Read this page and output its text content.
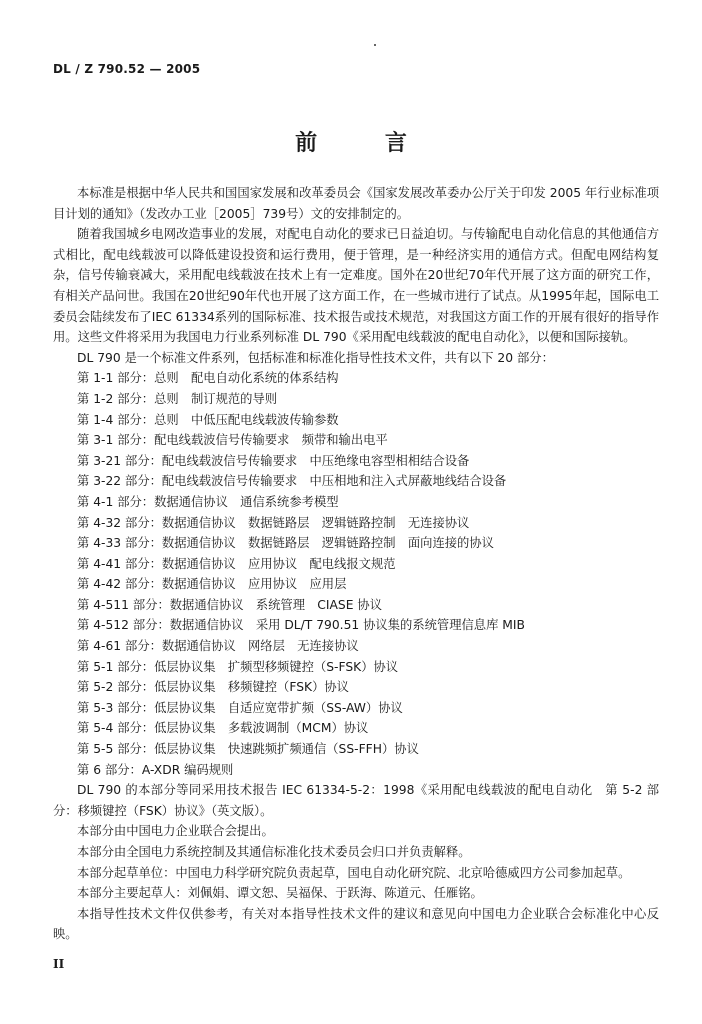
DL / Z 790.52 — 2005
前 言

本标准是根据中华人民共和国国家发展和改革委员会《国家发展改革委办公厅关于印发 2005 年行业标准项目计划的通知》（发改办工业［2005］739号）文的安排制定的。

随着我国城乡电网改造事业的发展，对配电自动化的要求已日益迫切。与传输配电自动化信息的其他通信方式相比，配电线载波可以降低建设投资和运行费用，便于管理，是一种经济实用的通信方式。但配电网结构复杂，信号传输衰减大，采用配电线载波在技术上有一定难度。国外在20世纪70年代开展了这方面的研究工作，有相关产品问世。我国在20世纪90年代也开展了这方面工作，在一些城市进行了试点。从1995年起，国际电工委员会陆续发布了IEC 61334系列的国际标准、技术报告或技术规范，对我国这方面工作的开展有很好的指导作用。这些文件将采用为我国电力行业系列标准 DL 790《采用配电线载波的配电自动化》，以便和国际接轨。

DL 790 是一个标准文件系列，包括标准和标准化指导性技术文件，共有以下 20 部分：

第 1-1 部分：总则　配电自动化系统的体系结构

第 1-2 部分：总则　制订规范的导则

第 1-4 部分：总则　中低压配电线载波传输参数

第 3-1 部分：配电线载波信号传输要求　频带和输出电平

第 3-21 部分：配电线载波信号传输要求　中压绝缘电容型相相结合设备

第 3-22 部分：配电线载波信号传输要求　中压相地和注入式屏蔽地线结合设备

第 4-1 部分：数据通信协议　通信系统参考模型

第 4-32 部分：数据通信协议　数据链路层　逻辑链路控制　无连接协议

第 4-33 部分：数据通信协议　数据链路层　逻辑链路控制　面向连接的协议

第 4-41 部分：数据通信协议　应用协议　配电线报文规范

第 4-42 部分：数据通信协议　应用协议　应用层

第 4-511 部分：数据通信协议　系统管理　CIASE 协议

第 4-512 部分：数据通信协议　采用 DL/T 790.51 协议集的系统管理信息库 MIB

第 4-61 部分：数据通信协议　网络层　无连接协议

第 5-1 部分：低层协议集　扩频型移频键控（S-FSK）协议

第 5-2 部分：低层协议集　移频键控（FSK）协议

第 5-3 部分：低层协议集　自适应宽带扩频（SS-AW）协议

第 5-4 部分：低层协议集　多载波调制（MCM）协议

第 5-5 部分：低层协议集　快速跳频扩频通信（SS-FFH）协议

第 6 部分：A-XDR 编码规则

DL 790 的本部分等同采用技术报告 IEC 61334-5-2：1998《采用配电线载波的配电自动化　第 5-2 部分：移频键控（FSK）协议》（英文版）。

本部分由中国电力企业联合会提出。

本部分由全国电力系统控制及其通信标准化技术委员会归口并负责解释。

本部分起草单位：中国电力科学研究院负责起草，国电自动化研究院、北京哈德威四方公司参加起草。

本部分主要起草人：刘佩娟、谭文恕、吴福保、于跃海、陈道元、任雁铭。

本指导性技术文件仅供参考，有关对本指导性技术文件的建议和意见向中国电力企业联合会标准化中心反映。

II
